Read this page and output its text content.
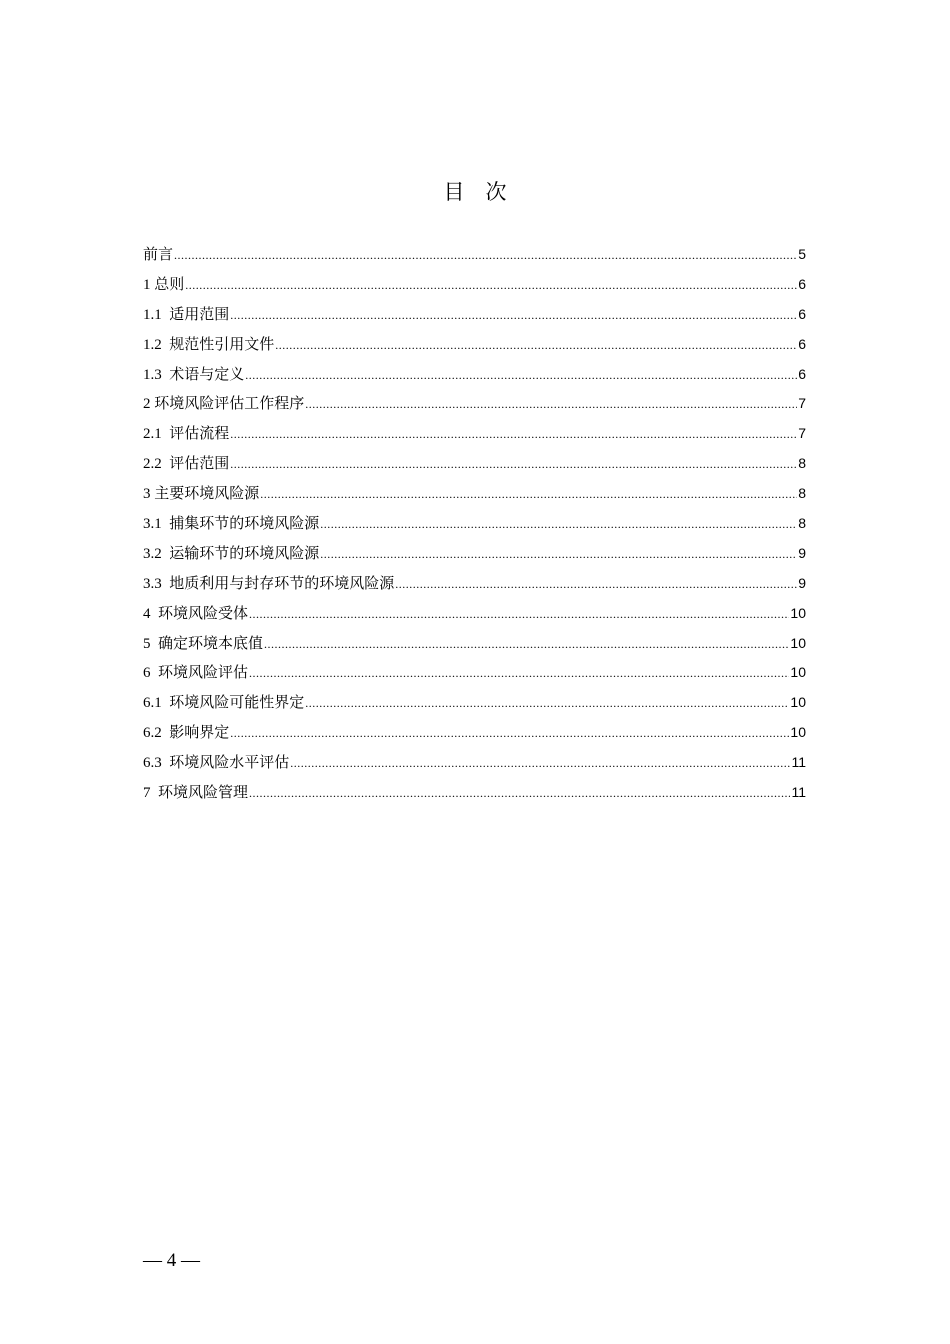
目　次
前言 .....	5
1 总则 .....	6
1.1  适用范围 .....	6
1.2  规范性引用文件 .....	6
1.3  术语与定义 .....	6
2 环境风险评估工作程序 .....	7
2.1  评估流程 .....	7
2.2  评估范围 .....	8
3 主要环境风险源 .....	8
3.1  捕集环节的环境风险源 .....	8
3.2  运输环节的环境风险源 .....	9
3.3  地质利用与封存环节的环境风险源 .....	9
4  环境风险受体 .....	10
5  确定环境本底值 .....	10
6  环境风险评估 .....	10
6.1  环境风险可能性界定 .....	10
6.2  影响界定 .....	10
6.3  环境风险水平评估 .....	11
7  环境风险管理 .....	11
— 4 —
